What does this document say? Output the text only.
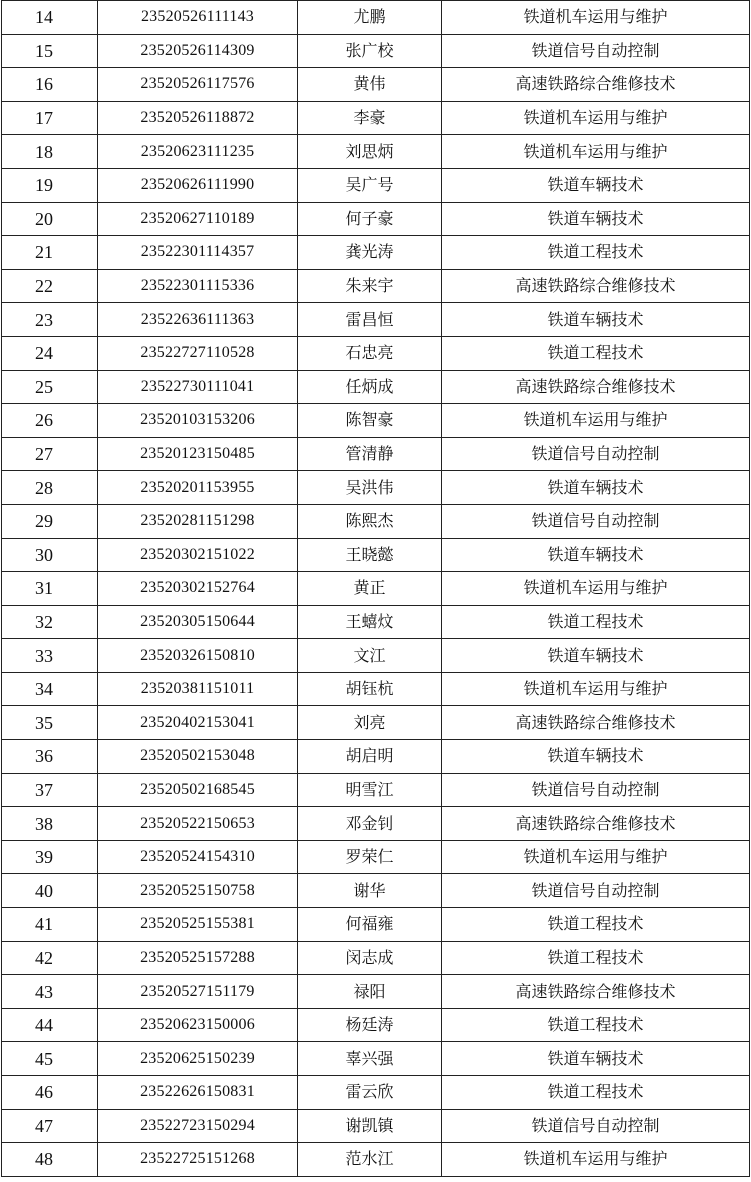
14	23520526111143	尤鹏	铁道机车运用与维护
15	23520526114309	张广校	铁道信号自动控制
16	23520526117576	黄伟	高速铁路综合维修技术
17	23520526118872	李豪	铁道机车运用与维护
18	23520623111235	刘思炳	铁道机车运用与维护
19	23520626111990	吴广号	铁道车辆技术
20	23520627110189	何子豪	铁道车辆技术
21	23522301114357	龚光涛	铁道工程技术
22	23522301115336	朱来宇	高速铁路综合维修技术
23	23522636111363	雷昌恒	铁道车辆技术
24	23522727110528	石忠亮	铁道工程技术
25	23522730111041	任炳成	高速铁路综合维修技术
26	23520103153206	陈智豪	铁道机车运用与维护
27	23520123150485	管清静	铁道信号自动控制
28	23520201153955	吴洪伟	铁道车辆技术
29	23520281151298	陈熙杰	铁道信号自动控制
30	23520302151022	王晓懿	铁道车辆技术
31	23520302152764	黄正	铁道机车运用与维护
32	23520305150644	王蟢炆	铁道工程技术
33	23520326150810	文江	铁道车辆技术
34	23520381151011	胡钰杭	铁道机车运用与维护
35	23520402153041	刘亮	高速铁路综合维修技术
36	23520502153048	胡启明	铁道车辆技术
37	23520502168545	明雪江	铁道信号自动控制
38	23520522150653	邓金钊	高速铁路综合维修技术
39	23520524154310	罗荣仁	铁道机车运用与维护
40	23520525150758	谢华	铁道信号自动控制
41	23520525155381	何福雍	铁道工程技术
42	23520525157288	闵志成	铁道工程技术
43	23520527151179	禄阳	高速铁路综合维修技术
44	23520623150006	杨廷涛	铁道工程技术
45	23520625150239	辜兴强	铁道车辆技术
46	23522626150831	雷云欣	铁道工程技术
47	23522723150294	谢凯镇	铁道信号自动控制
48	23522725151268	范水江	铁道机车运用与维护
